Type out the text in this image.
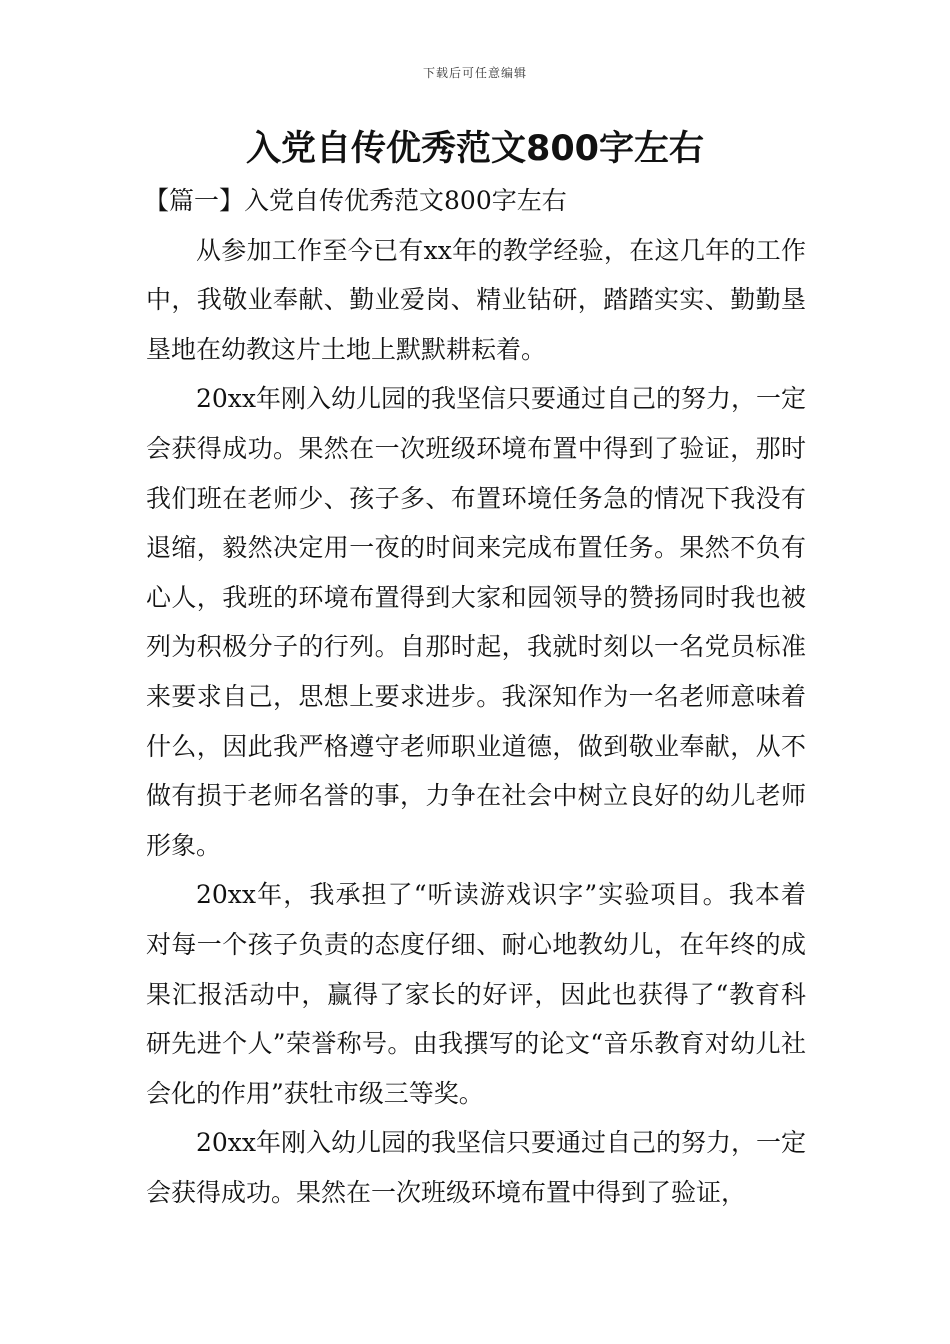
下载后可任意编辑
入党自传优秀范文800字左右

【篇一】入党自传优秀范文800字左右

从参加工作至今已有xx年的教学经验，在这几年的工作中，我敬业奉献、勤业爱岗、精业钻研，踏踏实实、勤勤垦垦地在幼教这片土地上默默耕耘着。

20xx年刚入幼儿园的我坚信只要通过自己的努力，一定会获得成功。果然在一次班级环境布置中得到了验证，那时我们班在老师少、孩子多、布置环境任务急的情况下我没有退缩，毅然决定用一夜的时间来完成布置任务。果然不负有心人，我班的环境布置得到大家和园领导的赞扬同时我也被列为积极分子的行列。自那时起，我就时刻以一名党员标准来要求自己，思想上要求进步。我深知作为一名老师意味着什么，因此我严格遵守老师职业道德，做到敬业奉献，从不做有损于老师名誉的事，力争在社会中树立良好的幼儿老师形象。

20xx年，我承担了“听读游戏识字”实验项目。我本着对每一个孩子负责的态度仔细、耐心地教幼儿，在年终的成果汇报活动中，赢得了家长的好评，因此也获得了“教育科研先进个人”荣誉称号。由我撰写的论文“音乐教育对幼儿社会化的作用”获牡市级三等奖。

20xx年刚入幼儿园的我坚信只要通过自己的努力，一定会获得成功。果然在一次班级环境布置中得到了验证，
